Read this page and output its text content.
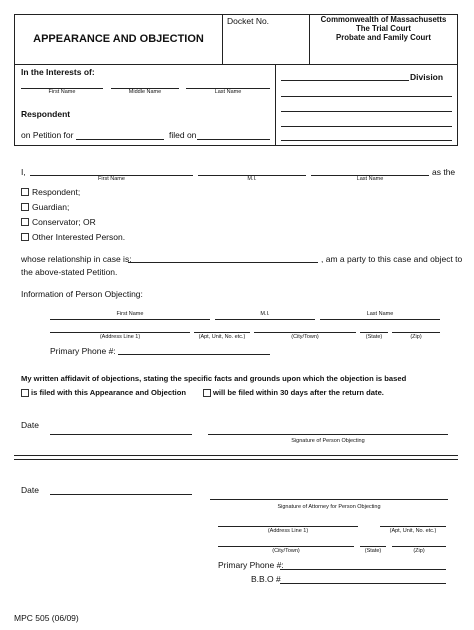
APPEARANCE AND OBJECTION
Docket No.	Commonwealth of Massachusetts
The Trial Court
Probate and Family Court
In the Interests of:
First Name	Middle Name	Last Name
Respondent
on Petition for	filed on
Division
I,	as the
First Name	M.I.	Last Name
Respondent;
Guardian;
Conservator; OR
Other Interested Person.
whose relationship in case is:	, am a party to this case and object to
the above-stated Petition.
Information of Person Objecting:
First Name	M.I.	Last Name
(Address Line 1)	(Apt, Unit, No. etc.)	(City/Town)	(State)	(Zip)
Primary Phone #:
My written affidavit of objections, stating the specific facts and grounds upon which the objection is based
is filed with this Appearance and Objection	will be filed within 30 days after the return date.
Date
Signature of Person Objecting
Date
Signature of Attorney for Person Objecting
(Address Line 1)	(Apt, Unit, No. etc.)
(City/Town)	(State)	(Zip)
Primary Phone #:
B.B.O #
MPC 505 (06/09)
